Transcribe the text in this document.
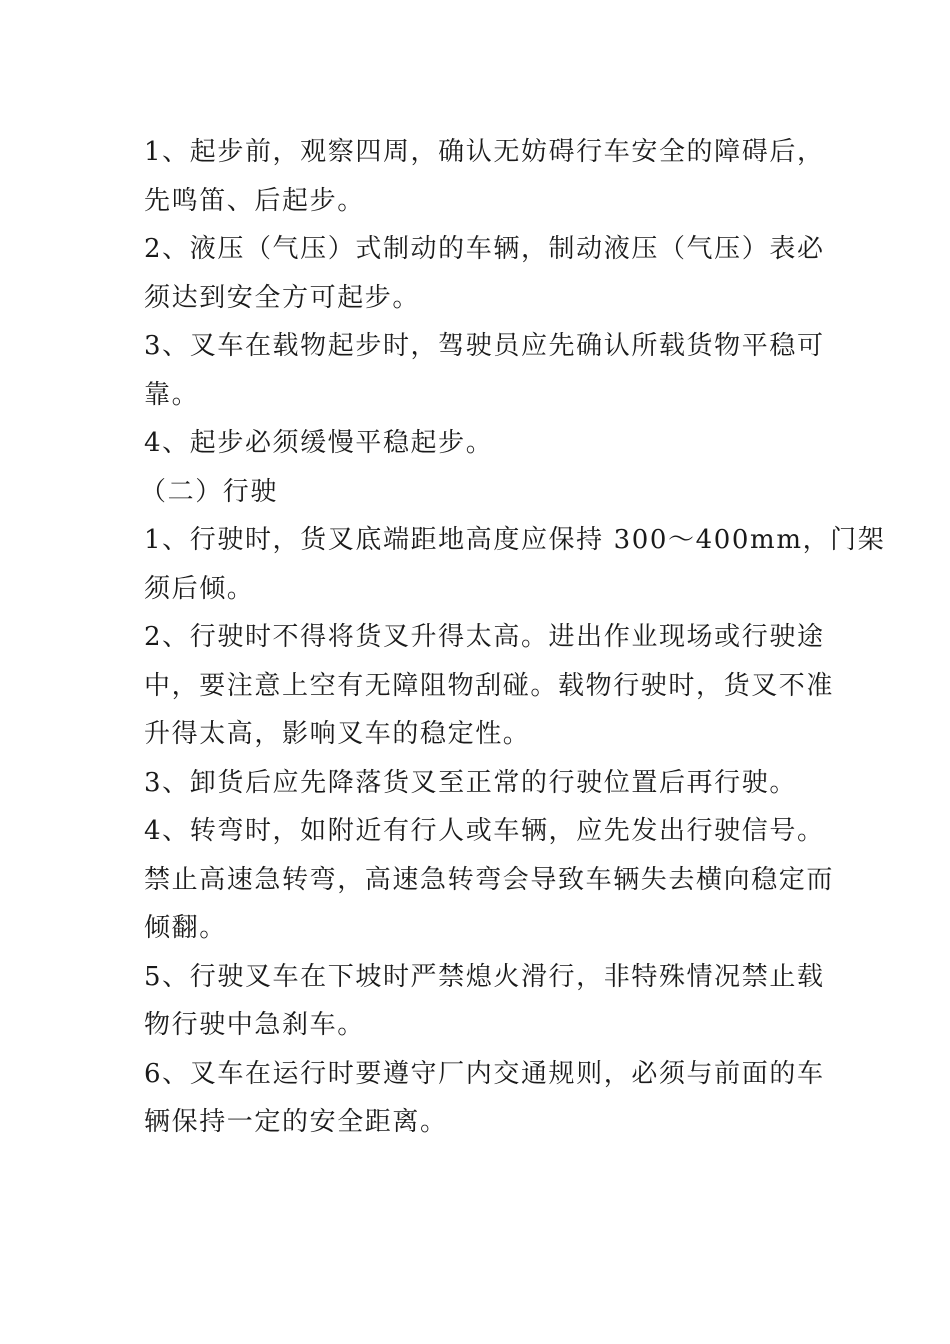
1、起步前，观察四周，确认无妨碍行车安全的障碍后，

先鸣笛、后起步。

2、液压（气压）式制动的车辆，制动液压（气压）表必

须达到安全方可起步。

3、叉车在载物起步时，驾驶员应先确认所载货物平稳可

靠。

4、起步必须缓慢平稳起步。

（二）行驶

1、行驶时，货叉底端距地高度应保持 300～400mm，门架

须后倾。

2、行驶时不得将货叉升得太高。进出作业现场或行驶途

中，要注意上空有无障阻物刮碰。载物行驶时，货叉不准

升得太高，影响叉车的稳定性。

3、卸货后应先降落货叉至正常的行驶位置后再行驶。

4、转弯时，如附近有行人或车辆，应先发出行驶信号。

禁止高速急转弯，高速急转弯会导致车辆失去横向稳定而

倾翻。

5、行驶叉车在下坡时严禁熄火滑行，非特殊情况禁止载

物行驶中急刹车。

6、叉车在运行时要遵守厂内交通规则，必须与前面的车

辆保持一定的安全距离。
